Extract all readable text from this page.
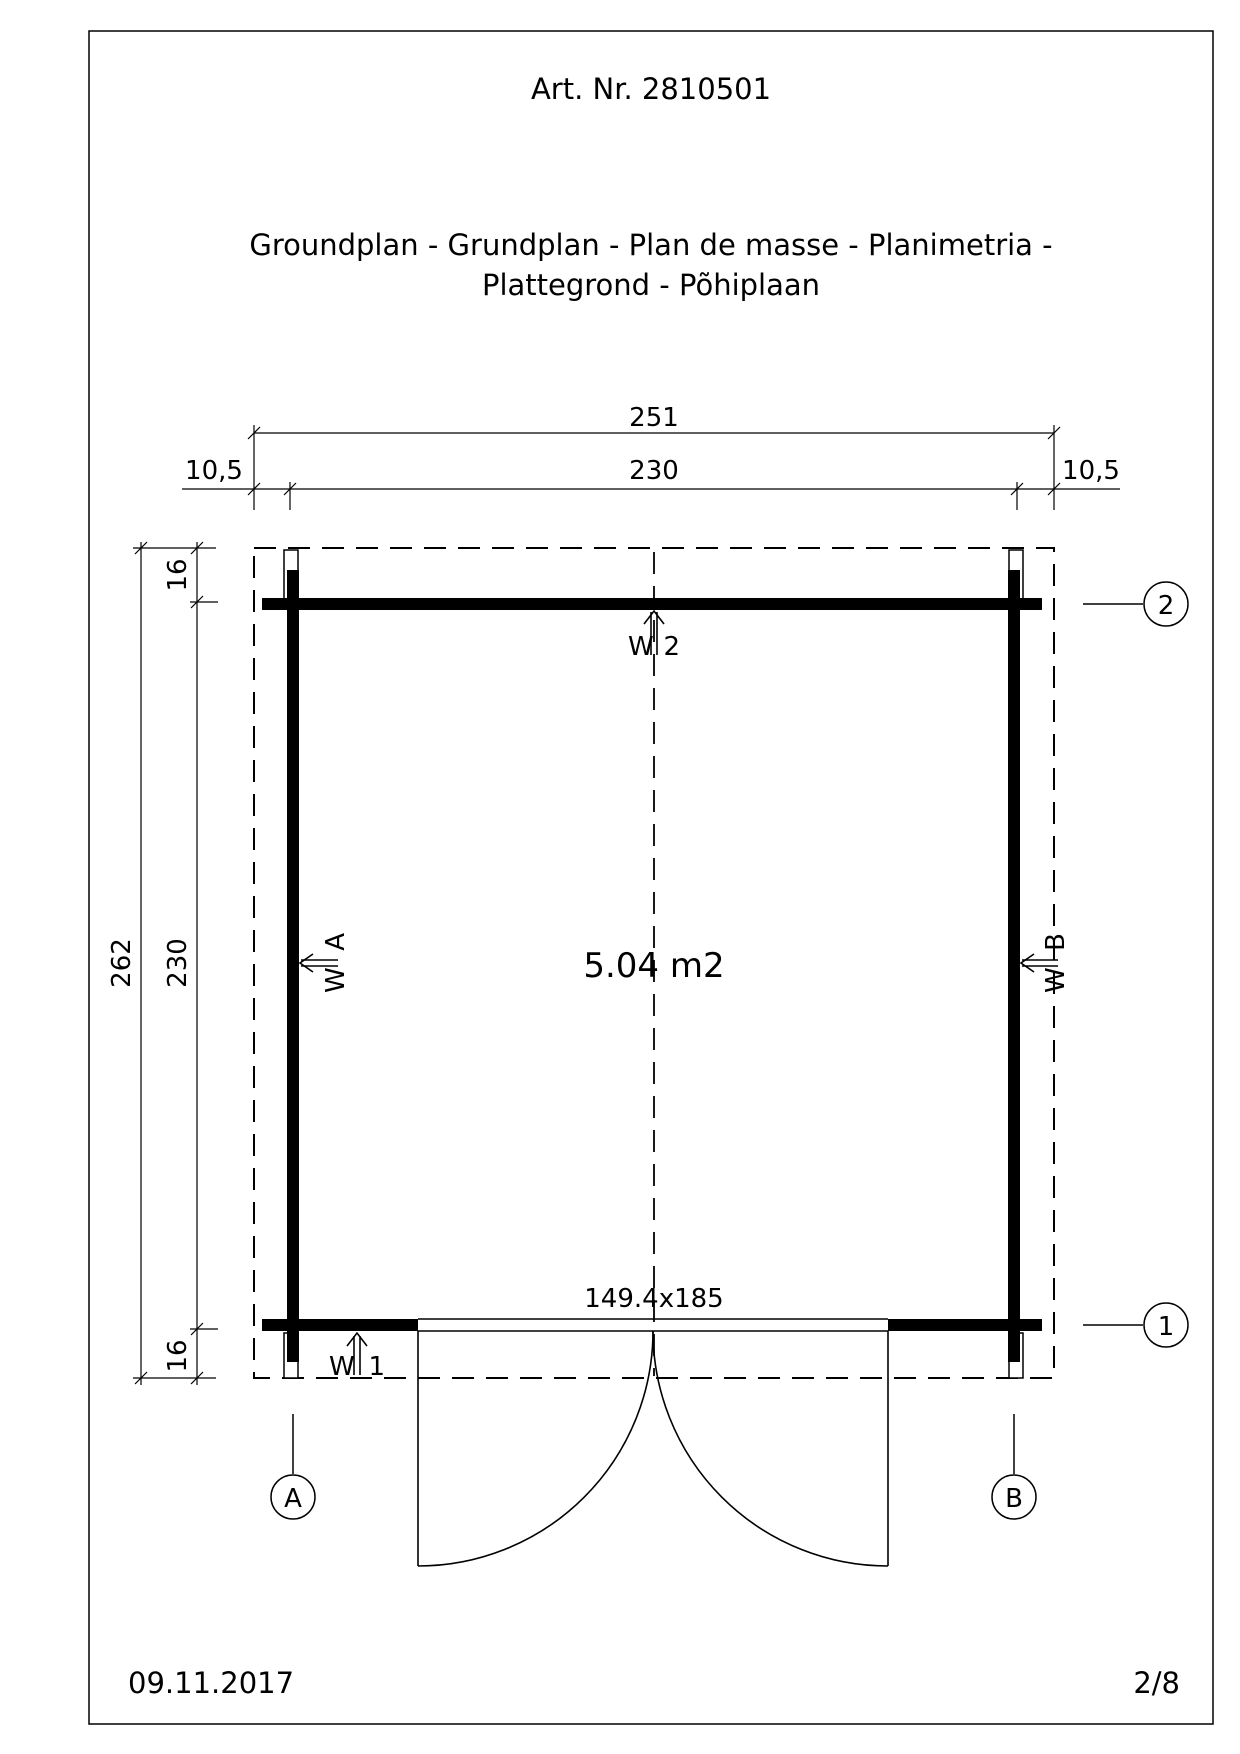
Art. Nr. 2810501
Groundplan - Grundplan - Plan de masse - Planimetria -
Plattegrond - Põhiplaan
251
230
10,5	10,5
262 230
16
16
149.4x185
5.04 m2
W2
W1
WA
WB
2
1
A	B
09.11.2017	2/8
